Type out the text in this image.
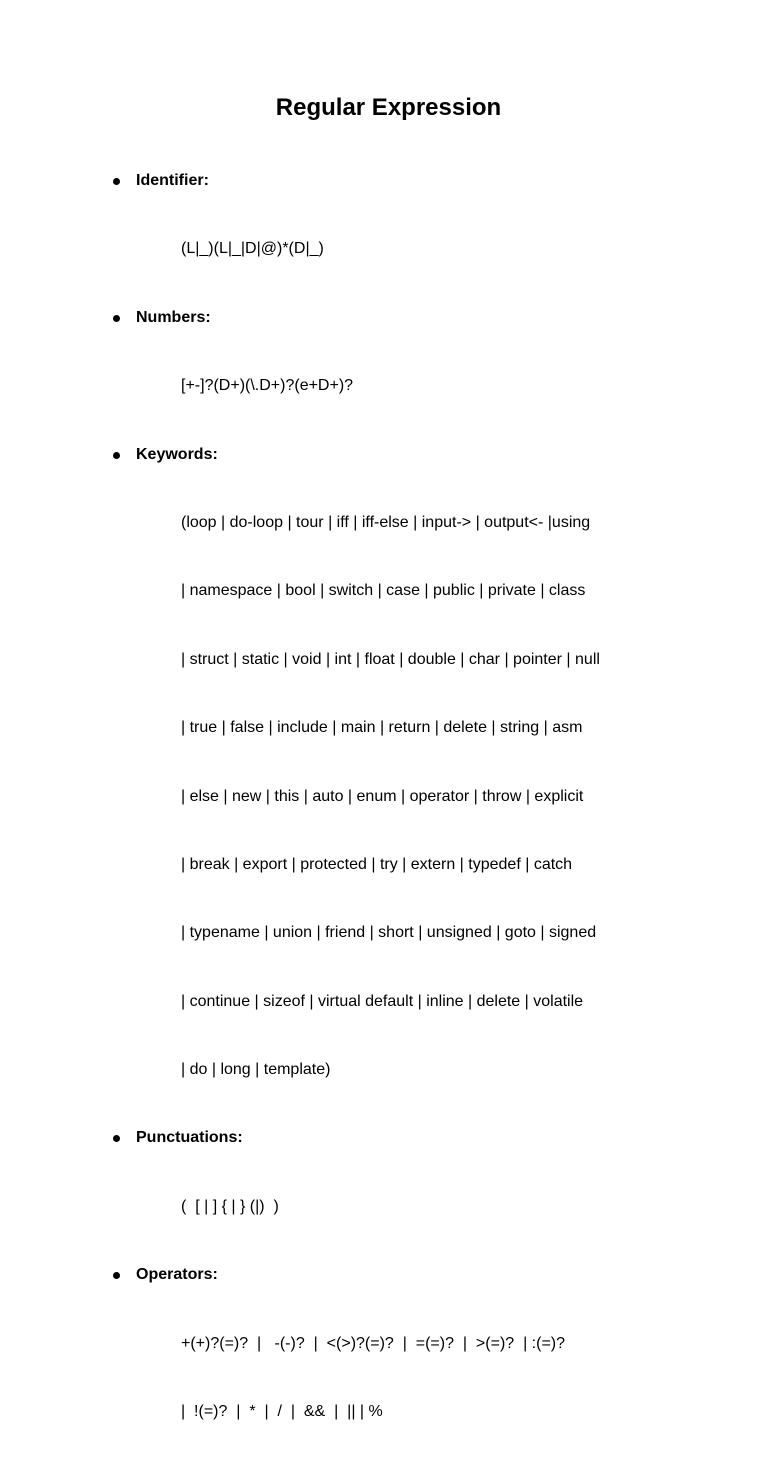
Regular Expression
Identifier:

(L|_)(L|_|D|@)*(D|_)

Numbers:

[+-]?(D+)(\.D+)?(e+D+)?

Keywords:

(loop | do-loop | tour | iff | iff-else | input-> | output<- |using

| namespace | bool | switch | case | public | private | class

| struct | static | void | int | float | double | char | pointer | null

| true | false | include | main | return | delete | string | asm

| else | new | this | auto | enum | operator | throw | explicit

| break | export | protected | try | extern | typedef | catch

| typename | union | friend | short | unsigned | goto | signed

| continue | sizeof | virtual default | inline | delete | volatile

| do | long | template)

Punctuations:

(  [ | ] { | } (|)  )

Operators:

+(+)?(=)?  |   -(-)?  |  <(>)?(=)?  |  =(=)?  |  >(=)?  | :(=)?

|  !(=)?  |  *  |  /  |  &&  |  || | %
